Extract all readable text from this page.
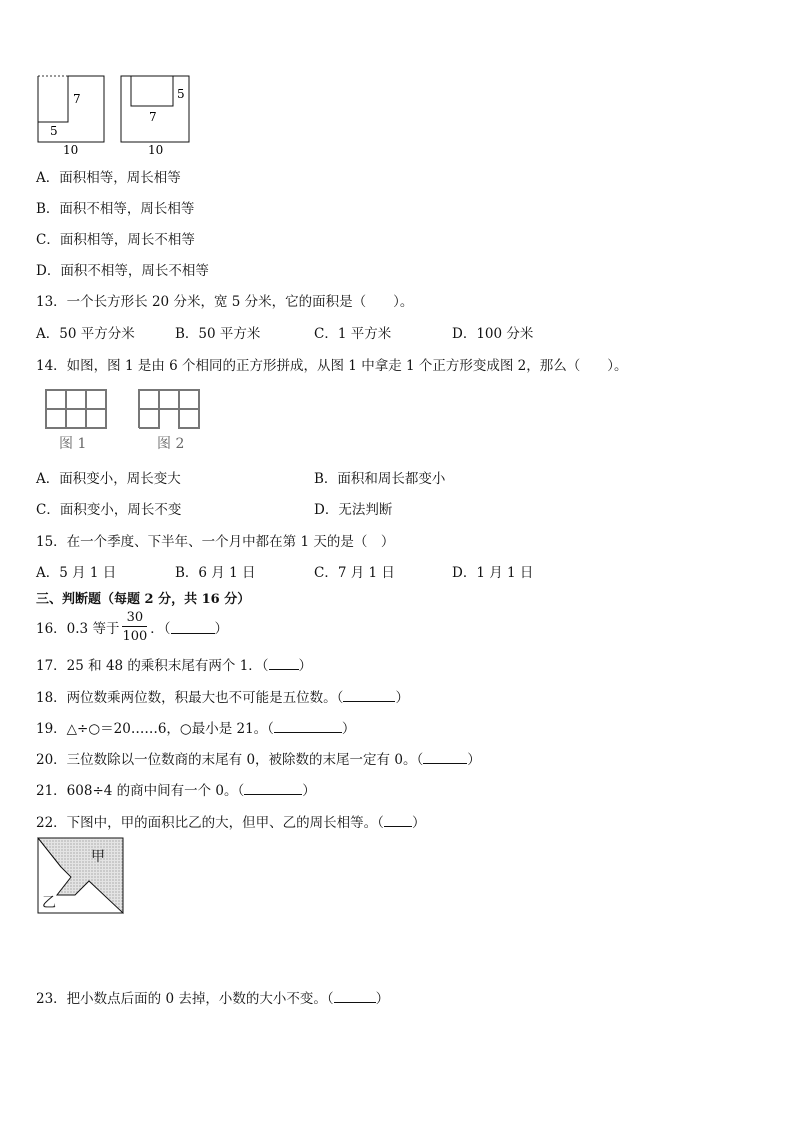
7
5
10
5
7
10
A．面积相等，周长相等
B．面积不相等，周长相等
C．面积相等，周长不相等
D．面积不相等，周长不相等
13．一个长方形长 20 分米，宽 5 分米，它的面积是（　　）。
A．50 平方分米	B．50 平方米	C．1 平方米	D．100 分米
14．如图，图 1 是由 6 个相同的正方形拼成，从图 1 中拿走 1 个正方形变成图 2，那么（　　）。
图 1	图 2
A．面积变小，周长变大	B．面积和周长都变小
C．面积变小，周长不变	D．无法判断
15．在一个季度、下半年、一个月中都在第 1 天的是（　）
A．5 月 1 日	B．6 月 1 日	C．7 月 1 日	D．1 月 1 日
三、判断题（每题 2 分，共 16 分）
16．0.3 等于 $\frac{30}{100}$ ．（	）
17．25 和 48 的乘积末尾有两个 1．（ ）
18．两位数乘两位数，积最大也不可能是五位数。（	）
19．△÷○＝20……6，○最小是 21。（	）
20．三位数除以一位数商的末尾有 0，被除数的末尾一定有 0。（	）
21．608÷4 的商中间有一个 0。（	）
22．下图中，甲的面积比乙的大，但甲、乙的周长相等。（ ）
甲
乙
23．把小数点后面的 0 去掉，小数的大小不变。（	）
